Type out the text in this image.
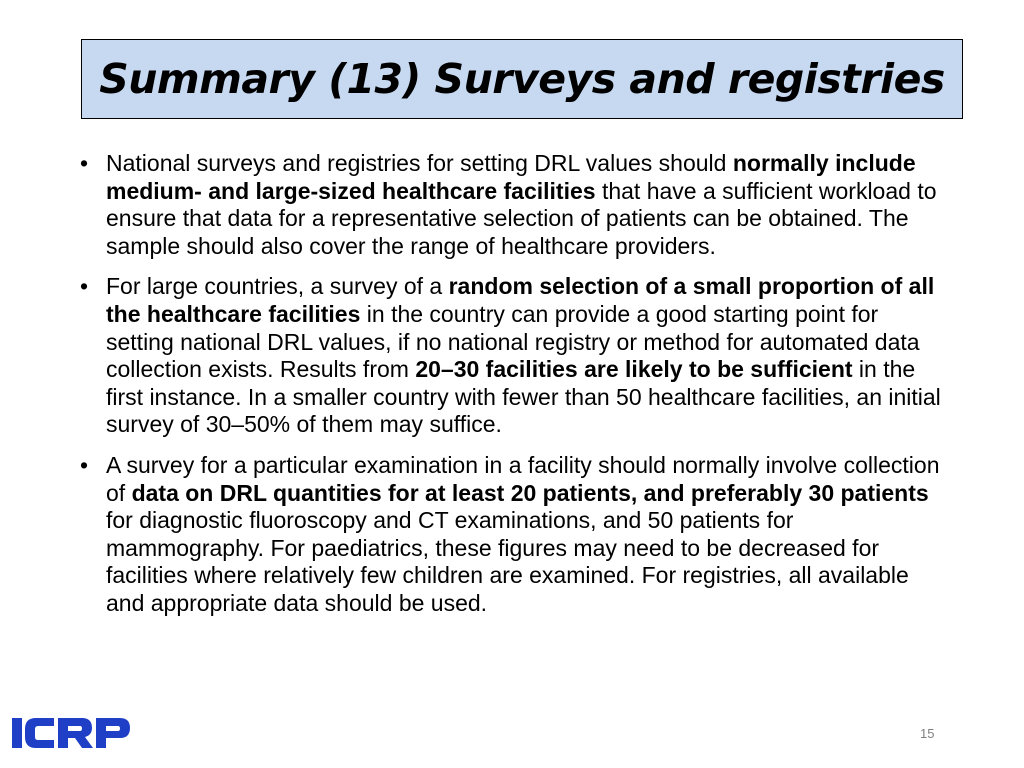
Summary (13) Surveys and registries
• National surveys and registries for setting DRL values should normally include medium- and large-sized healthcare facilities that have a sufficient workload to ensure that data for a representative selection of patients can be obtained. The sample should also cover the range of healthcare providers.
• For large countries, a survey of a random selection of a small proportion of all the healthcare facilities in the country can provide a good starting point for setting national DRL values, if no national registry or method for automated data collection exists. Results from 20–30 facilities are likely to be sufficient in the first instance. In a smaller country with fewer than 50 healthcare facilities, an initial survey of 30–50% of them may suffice.
• A survey for a particular examination in a facility should normally involve collection of data on DRL quantities for at least 20 patients, and preferably 30 patients for diagnostic fluoroscopy and CT examinations, and 50 patients for mammography. For paediatrics, these figures may need to be decreased for facilities where relatively few children are examined. For registries, all available and appropriate data should be used.
15
